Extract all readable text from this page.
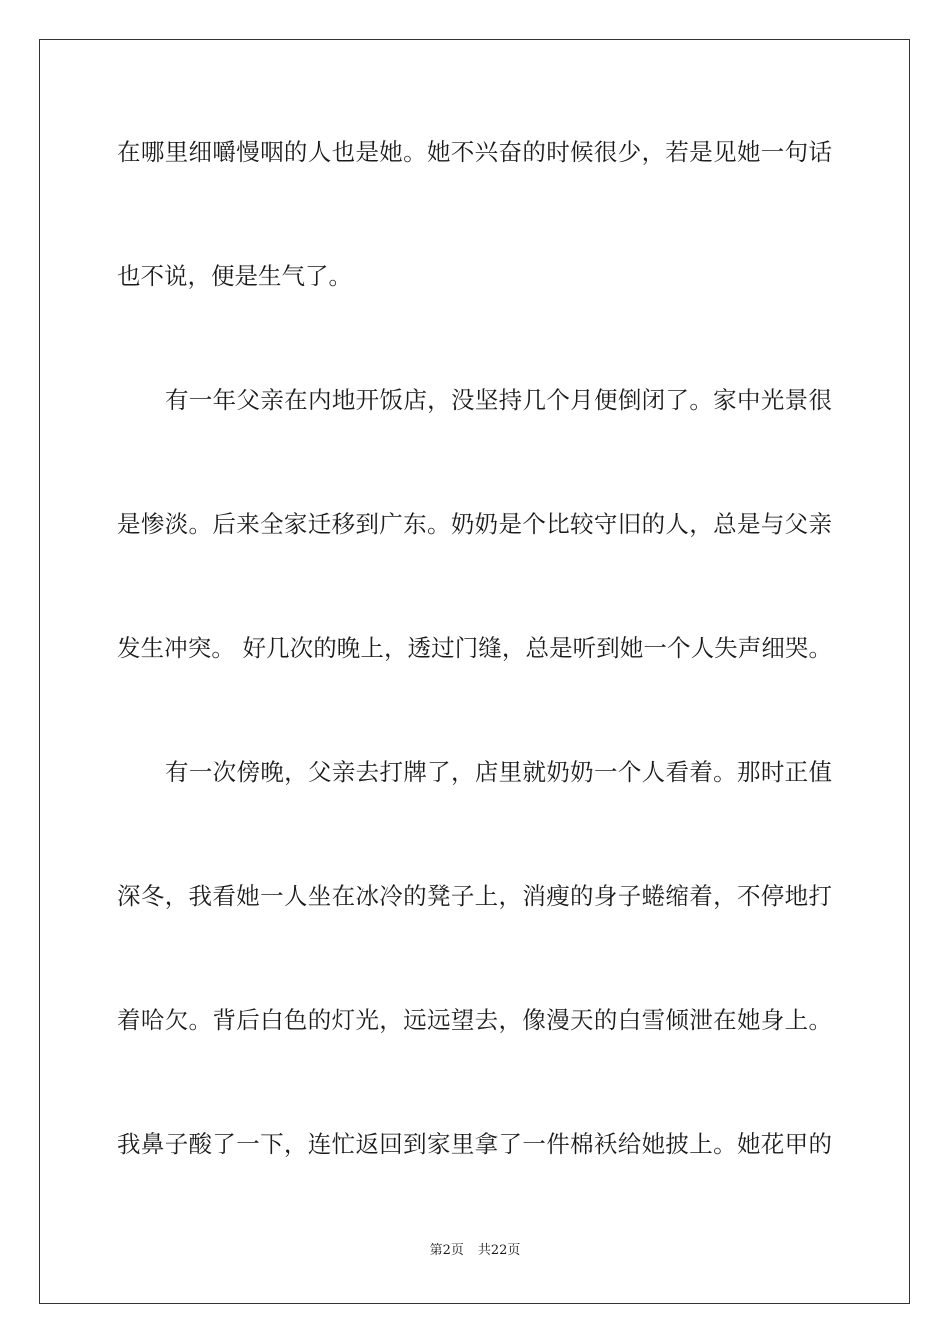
在哪里细嚼慢咽的人也是她。她不兴奋的时候很少，若是见她一句话
也不说，便是生气了。
有一年父亲在内地开饭店，没坚持几个月便倒闭了。家中光景很
是惨淡。后来全家迁移到广东。奶奶是个比较守旧的人，总是与父亲
发生冲突。 好几次的晚上，透过门缝，总是听到她一个人失声细哭。
有一次傍晚，父亲去打牌了，店里就奶奶一个人看着。那时正值
深冬，我看她一人坐在冰冷的凳子上，消瘦的身子蜷缩着，不停地打
着哈欠。背后白色的灯光，远远望去，像漫天的白雪倾泄在她身上。
我鼻子酸了一下，连忙返回到家里拿了一件棉袄给她披上。她花甲的
第2页 共22页
